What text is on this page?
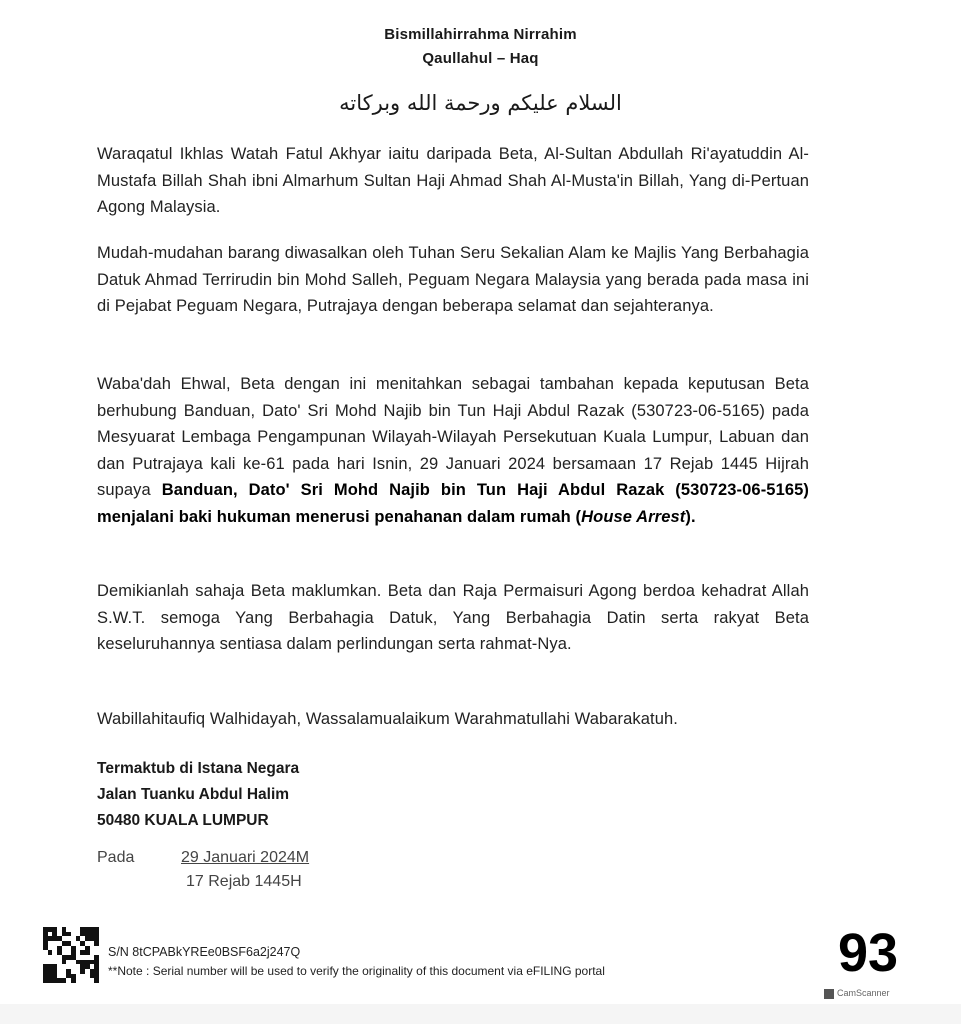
Bismillahirrahma Nirrahim
Qaullahul – Haq
السلام عليكم ورحمة الله وبركاته
Waraqatul Ikhlas Watah Fatul Akhyar iaitu daripada Beta, Al-Sultan Abdullah Ri'ayatuddin Al-Mustafa Billah Shah ibni Almarhum Sultan Haji Ahmad Shah Al-Musta'in Billah, Yang di-Pertuan Agong Malaysia.
Mudah-mudahan barang diwasalkan oleh Tuhan Seru Sekalian Alam ke Majlis Yang Berbahagia Datuk Ahmad Terrirudin bin Mohd Salleh, Peguam Negara Malaysia yang berada pada masa ini di Pejabat Peguam Negara, Putrajaya dengan beberapa selamat dan sejahteranya.
Waba'dah Ehwal, Beta dengan ini menitahkan sebagai tambahan kepada keputusan Beta berhubung Banduan, Dato' Sri Mohd Najib bin Tun Haji Abdul Razak (530723-06-5165) pada Mesyuarat Lembaga Pengampunan Wilayah-Wilayah Persekutuan Kuala Lumpur, Labuan dan dan Putrajaya kali ke-61 pada hari Isnin, 29 Januari 2024 bersamaan 17 Rejab 1445 Hijrah supaya Banduan, Dato' Sri Mohd Najib bin Tun Haji Abdul Razak (530723-06-5165) menjalani baki hukuman menerusi penahanan dalam rumah (House Arrest).
Demikianlah sahaja Beta maklumkan. Beta dan Raja Permaisuri Agong berdoa kehadrat Allah S.W.T. semoga Yang Berbahagia Datuk, Yang Berbahagia Datin serta rakyat Beta keseluruhannya sentiasa dalam perlindungan serta rahmat-Nya.
Wabillahitaufiq Walhidayah, Wassalamualaikum Warahmatullahi Wabarakatuh.
Termaktub di Istana Negara
Jalan Tuanku Abdul Halim
50480 KUALA LUMPUR
Pada	29 Januari 2024M
17 Rejab 1445H
S/N 8tCPABkYREe0BSF6a2j247Q
**Note : Serial number will be used to verify the originality of this document via eFILING portal	93
CamScanner
